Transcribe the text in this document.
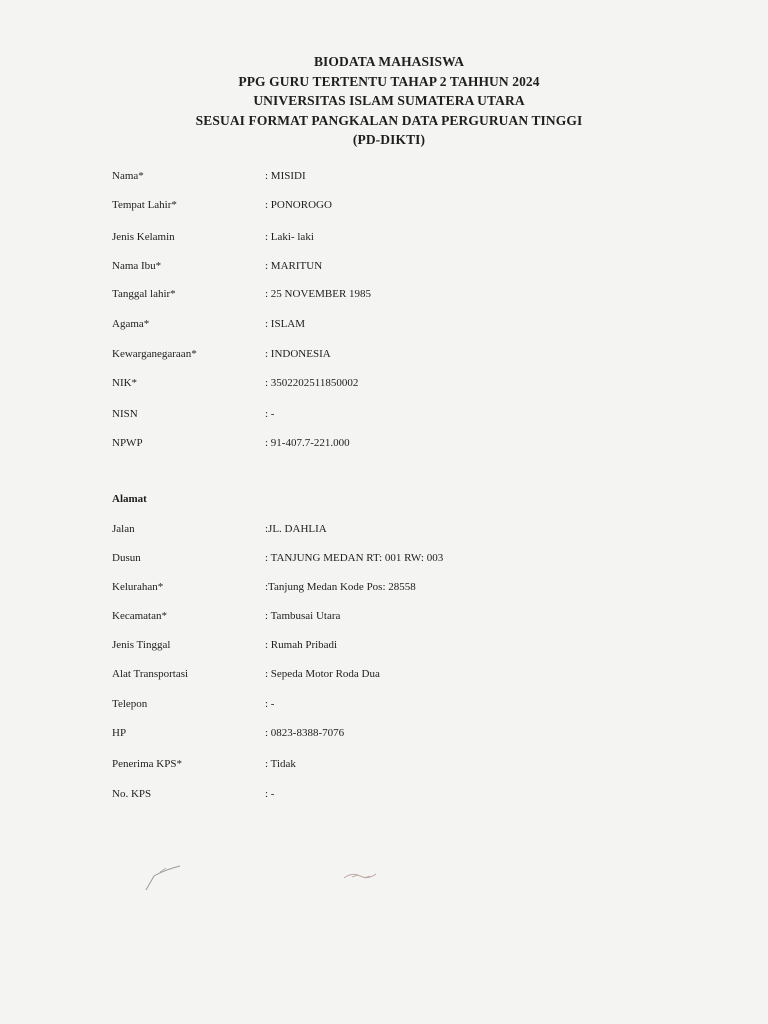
BIODATA MAHASISWA
PPG GURU TERTENTU TAHAP 2 TAHHUN 2024
UNIVERSITAS ISLAM SUMATERA UTARA
SESUAI FORMAT PANGKALAN DATA PERGURUAN TINGGI
(PD-DIKTI)
Nama*	: MISIDI
Tempat Lahir*	: PONOROGO
Jenis Kelamin	: Laki- laki
Nama Ibu*	: MARITUN
Tanggal lahir*	: 25 NOVEMBER 1985
Agama*	: ISLAM
Kewarganegaraan*	: INDONESIA
NIK*	: 3502202511850002
NISN	: -
NPWP	: 91-407.7-221.000
Alamat
Jalan	:JL. DAHLIA
Dusun	: TANJUNG MEDAN RT: 001 RW: 003
Kelurahan*	:Tanjung Medan Kode Pos: 28558
Kecamatan*	: Tambusai Utara
Jenis Tinggal	: Rumah Pribadi
Alat Transportasi	: Sepeda Motor Roda Dua
Telepon	: -
HP	: 0823-8388-7076
Penerima KPS*	: Tidak
No. KPS	: -
